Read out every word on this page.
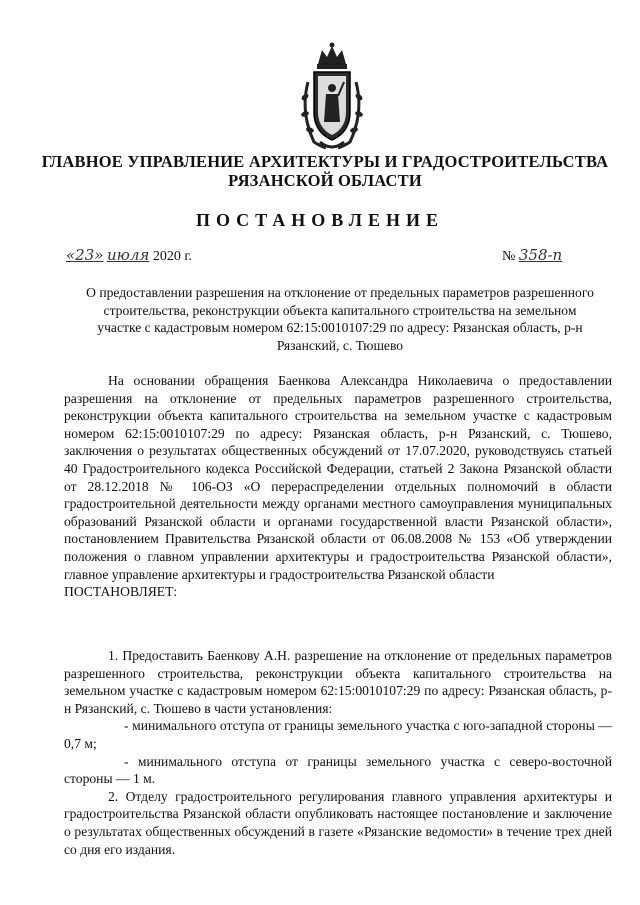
ГЛАВНОЕ УПРАВЛЕНИЕ АРХИТЕКТУРЫ И ГРАДОСТРОИТЕЛЬСТВА
РЯЗАНСКОЙ ОБЛАСТИ
ПОСТАНОВЛЕНИЕ
«23» июля 2020 г.	№ 358-п
О предоставлении разрешения на отклонение от предельных параметров разрешенного строительства, реконструкции объекта капитального строительства на земельном участке с кадастровым номером 62:15:0010107:29 по адресу: Рязанская область, р-н Рязанский, с. Тюшево

На основании обращения Баенкова Александра Николаевича о предоставлении разрешения на отклонение от предельных параметров разрешенного строительства, реконструкции объекта капитального строительства на земельном участке с кадастровым номером 62:15:0010107:29 по адресу: Рязанская область, р-н Рязанский, с. Тюшево, заключения о результатах общественных обсуждений от 17.07.2020, руководствуясь статьей 40 Градостроительного кодекса Российской Федерации, статьей 2 Закона Рязанской области от 28.12.2018 № 106-ОЗ «О перераспределении отдельных полномочий в области градостроительной деятельности между органами местного самоуправления муниципальных образований Рязанской области и органами государственной власти Рязанской области», постановлением Правительства Рязанской области от 06.08.2008 № 153 «Об утверждении положения о главном управлении архитектуры и градостроительства Рязанской области», главное управление архитектуры и градостроительства Рязанской области

ПОСТАНОВЛЯЕТ:

1. Предоставить Баенкову А.Н. разрешение на отклонение от предельных параметров разрешенного строительства, реконструкции объекта капитального строительства на земельном участке с кадастровым номером 62:15:0010107:29 по адресу: Рязанская область, р-н Рязанский, с. Тюшево в части установления:

- минимального отступа от границы земельного участка с юго-западной стороны — 0,7 м;

- минимального отступа от границы земельного участка с северо-восточной стороны — 1 м.

2. Отделу градостроительного регулирования главного управления архитектуры и градостроительства Рязанской области опубликовать настоящее постановление и заключение о результатах общественных обсуждений в газете «Рязанские ведомости» в течение трех дней со дня его издания.
